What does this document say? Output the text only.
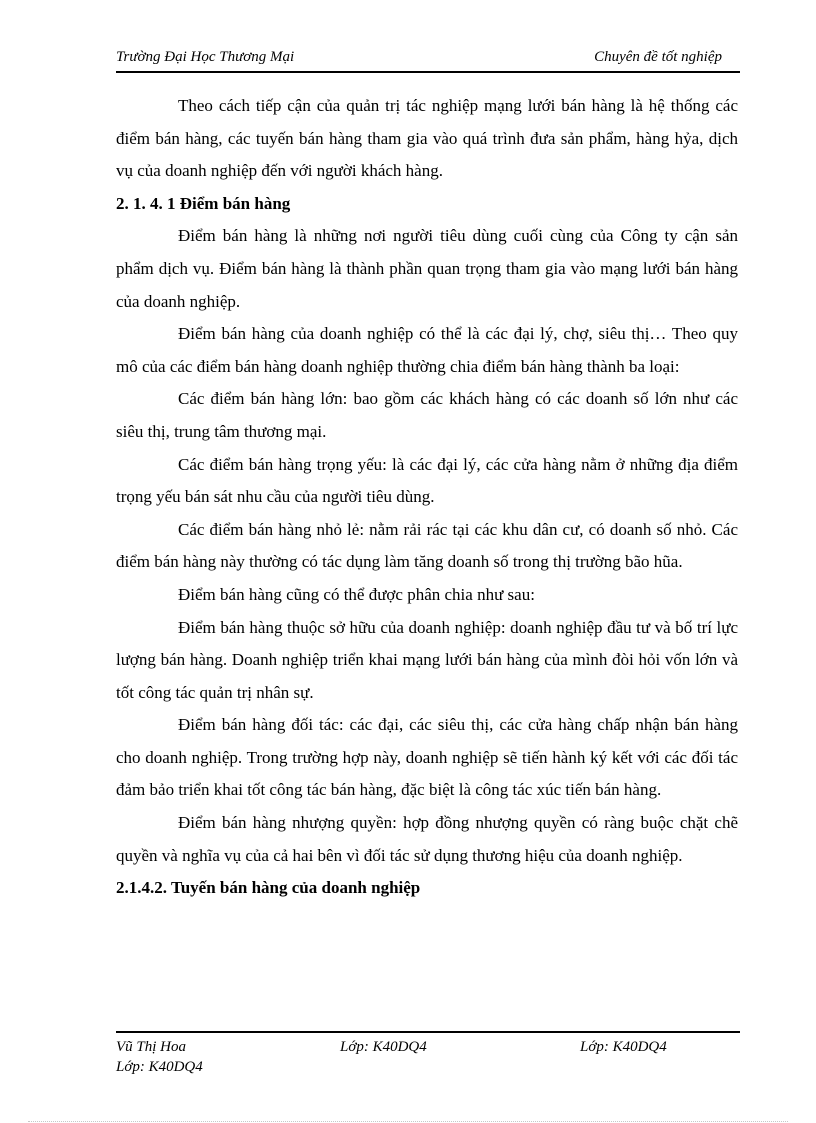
Trường Đại Học Thương Mại	Chuyên đề tốt nghiệp

Theo cách tiếp cận của quản trị tác nghiệp mạng lưới bán hàng là hệ thống các điểm bán hàng, các tuyến bán hàng tham gia vào quá trình đưa sản phẩm, hàng hỷa, dịch vụ của doanh nghiệp đến với người khách hàng.

2. 1. 4. 1 Điểm bán hàng

Điểm bán hàng là những nơi người tiêu dùng cuối cùng của Công ty cận sản phẩm dịch vụ. Điểm bán hàng là thành phần quan trọng tham gia vào mạng lưới bán hàng của doanh nghiệp.

Điểm bán hàng của doanh nghiệp có thể là các đại lý, chợ, siêu thị… Theo quy mô của các điểm bán hàng doanh nghiệp thường chia điểm bán hàng thành ba loại:

Các điểm bán hàng lớn: bao gồm các khách hàng có các doanh số lớn như các siêu thị, trung tâm thương mại.

Các điểm bán hàng trọng yếu: là các đại lý, các cửa hàng nằm ở những địa điểm trọng yếu bán sát nhu cầu của người tiêu dùng.

Các điểm bán hàng nhỏ lẻ: nằm rải rác tại các khu dân cư, có doanh số nhỏ. Các điểm bán hàng này thường có tác dụng làm tăng doanh số trong thị trường bão hũa.

Điểm bán hàng cũng có thể được phân chia như sau:

Điểm bán hàng thuộc sở hữu của doanh nghiệp: doanh nghiệp đầu tư và bố trí lực lượng bán hàng. Doanh nghiệp triển khai mạng lưới bán hàng của mình đòi hỏi vốn lớn và tốt công tác quản trị nhân sự.

Điểm bán hàng đối tác: các đại, các siêu thị, các cửa hàng chấp nhận bán hàng cho doanh nghiệp. Trong trường hợp này, doanh nghiệp sẽ tiến hành ký kết với các đối tác đảm bảo triển khai tốt công tác bán hàng, đặc biệt là công tác xúc tiến bán hàng.

Điểm bán hàng nhượng quyền: hợp đồng nhượng quyền có ràng buộc chặt chẽ quyền và nghĩa vụ của cả hai bên vì đối tác sử dụng thương hiệu của doanh nghiệp.

2.1.4.2. Tuyến bán hàng của doanh nghiệp
Vũ Thị Hoa	Lớp: K40DQ4	Lớp: K40DQ4
Lớp: K40DQ4
